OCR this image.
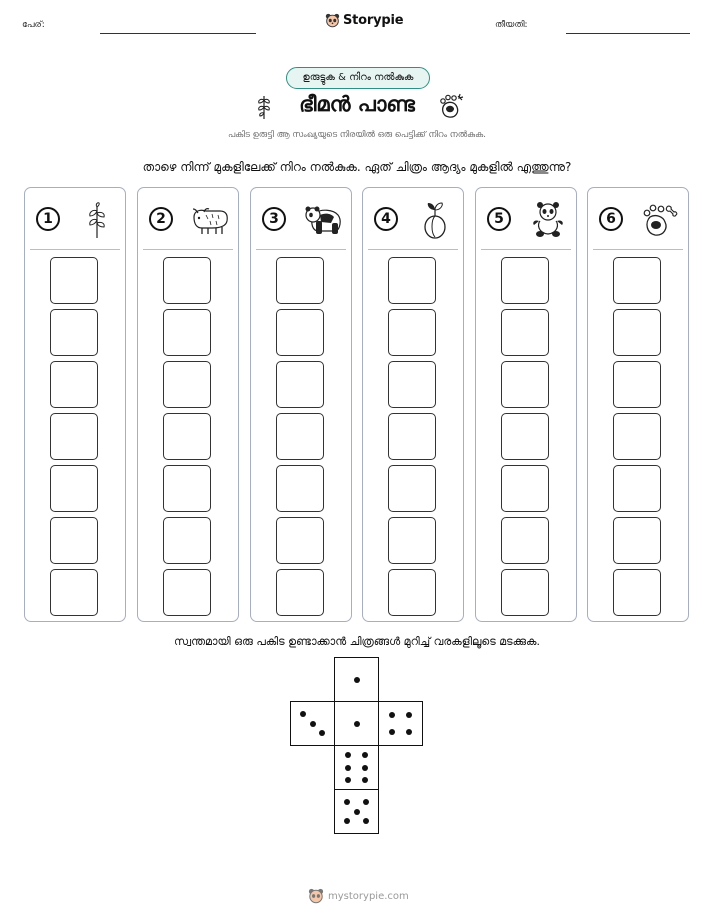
പേര്:	Storypie	തീയതി:
ഉരുട്ടുക & നിറം നൽകുക
ഭീമൻ പാണ്ട
പകിട ഉരുട്ടി ആ സംഖ്യയുടെ നിരയിൽ ഒരു പെട്ടിക്ക് നിറം നൽകുക.
താഴെ നിന്ന് മുകളിലേക്ക് നിറം നൽകുക. ഏത് ചിത്രം ആദ്യം മുകളിൽ എത്തുന്നു?
1	2	3	4	5	6
സ്വന്തമായി ഒരു പകിട ഉണ്ടാക്കാൻ ചിത്രങ്ങൾ മുറിച്ച് വരകളിലൂടെ മടക്കുക.
mystorypie.com
